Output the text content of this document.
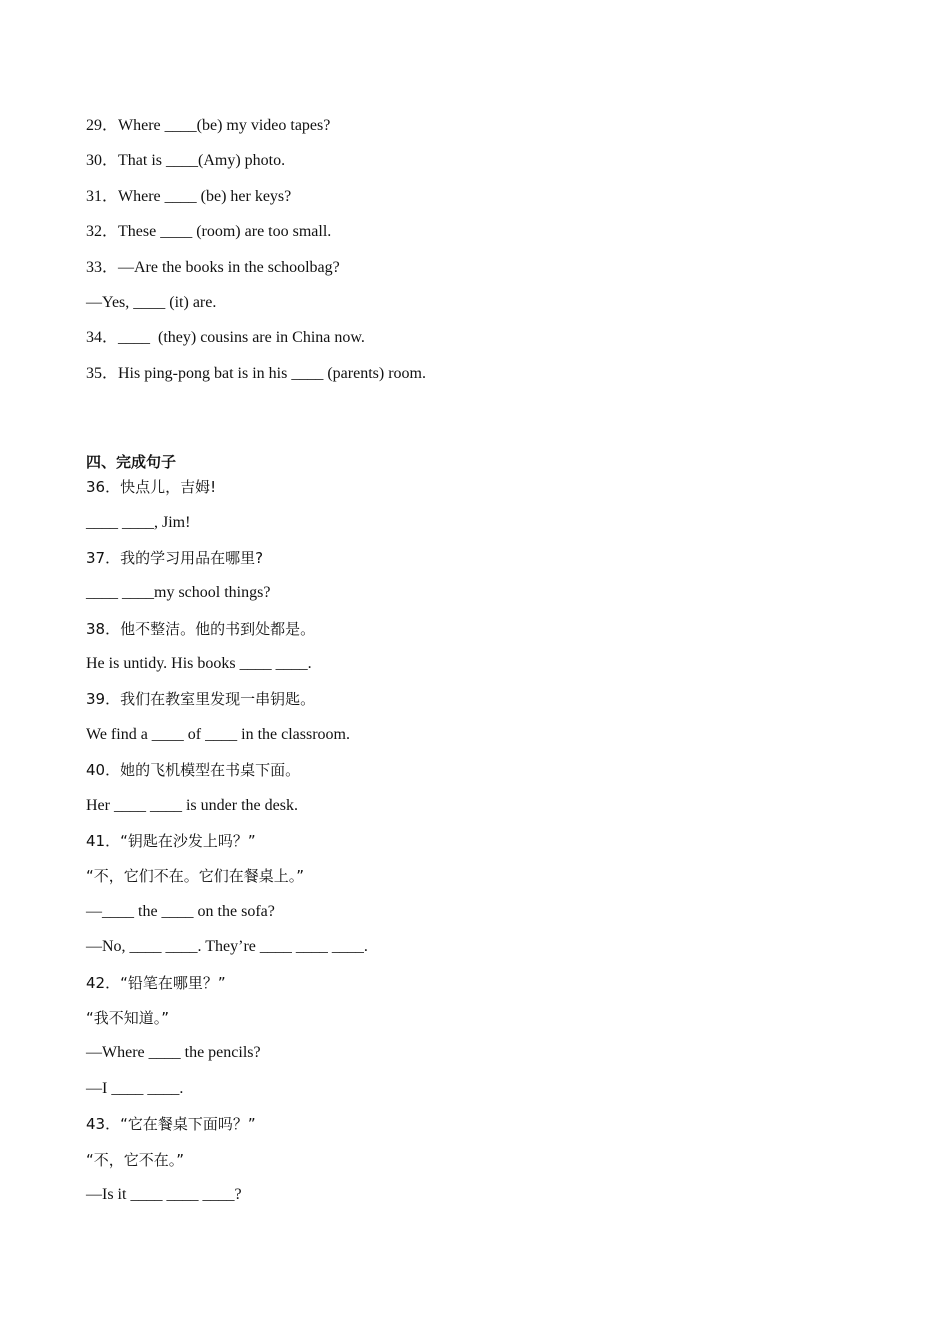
29．Where ____(be) my video tapes?
30．That is ____(Amy) photo.
31．Where ____ (be) her keys?
32．These ____ (room) are too small.
33．—Are the books in the schoolbag?
—Yes, ____ (it) are.
34．____  (they) cousins are in China now.
35．His ping-pong bat is in his ____ (parents) room.
四、完成句子
36．快点儿，吉姆!
____ ____, Jim!
37．我的学习用品在哪里?
____ ____my school things?
38．他不整洁。他的书到处都是。
He is untidy. His books ____ ____.
39．我们在教室里发现一串钥匙。
We find a ____ of ____ in the classroom.
40．她的飞机模型在书桌下面。
Her ____ ____ is under the desk.
41．“钥匙在沙发上吗？”
“不，它们不在。它们在餐桌上。”
—____ the ____ on the sofa?
—No, ____ ____. They’re ____ ____ ____.
42．“铅笔在哪里？”
“我不知道。”
—Where ____ the pencils?
—I ____ ____.
43．“它在餐桌下面吗？”
“不，它不在。”
—Is it ____ ____ ____?
